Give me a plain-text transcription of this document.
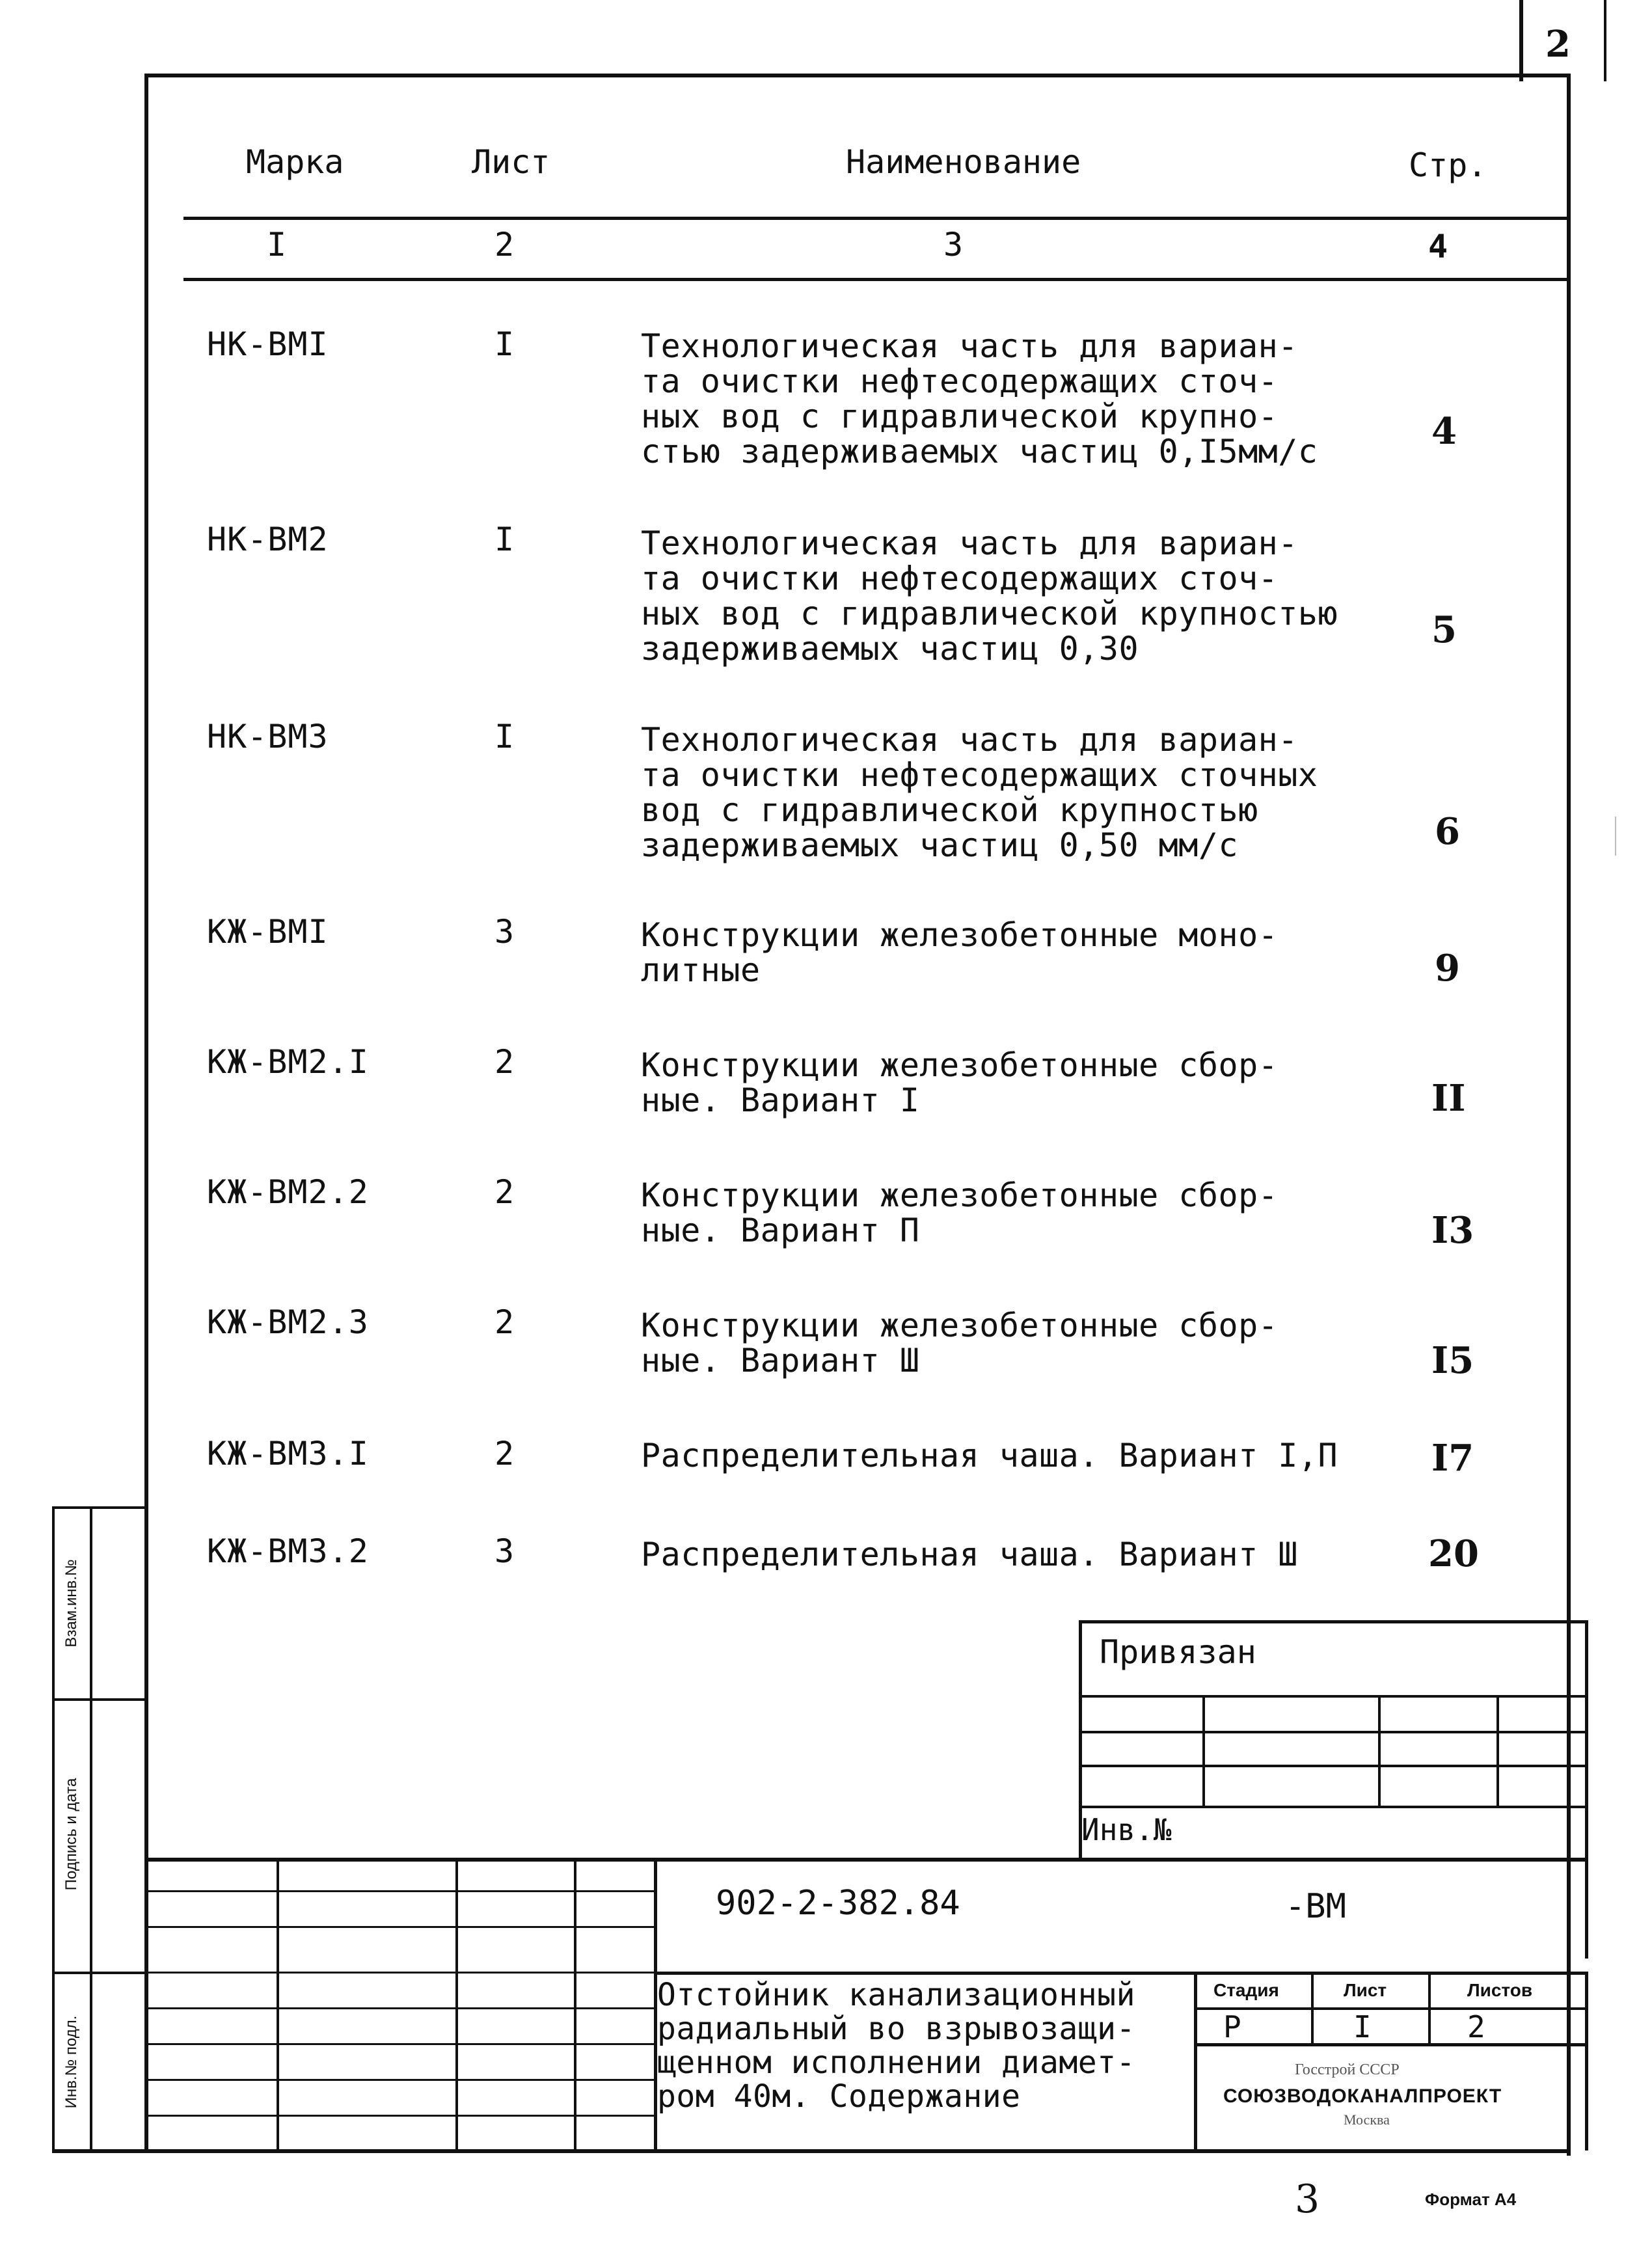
2
Марка	Лист	Наименование	Стр.
I	2	3	4
НК-ВМI	I	Технологическая часть для вариан-
та очистки нефтесодержащих сточ-
ных вод с гидравлической крупно-
стью задерживаемых частиц 0,I5мм/с	4
НК-ВМ2	I	Технологическая часть для вариан-
та очистки нефтесодержащих сточ-
ных вод с гидравлической крупностью
задерживаемых частиц 0,30	5
НК-ВМ3	I	Технологическая часть для вариан-
та очистки нефтесодержащих сточных
вод с гидравлической крупностью
задерживаемых частиц 0,50 мм/с	6
КЖ-ВМI	3	Конструкции железобетонные моно-
литные	9
КЖ-ВМ2.I	2	Конструкции железобетонные сбор-
ные. Вариант I	II
КЖ-ВМ2.2	2	Конструкции железобетонные сбор-
ные. Вариант П	I3
КЖ-ВМ2.3	2	Конструкции железобетонные сбор-
ные. Вариант Ш	I5
КЖ-ВМ3.I	2	Распределительная чаша. Вариант I,П	I7
КЖ-ВМ3.2	3	Распределительная чаша. Вариант Ш	20
Привязан
Инв.№
902-2-382.84	-ВМ
Отстойник канализационный
радиальный во взрывозащи-
щенном исполнении диамет-
ром 40м. Содержание
Стадия	Лист	Листов
Р	I	2
Госстрой СССР
СОЮЗВОДОКАНАЛПРОЕКТ
Москва
Взам.инв.№
Подпись и дата
Инв.№ подл.
3	Формат А4
